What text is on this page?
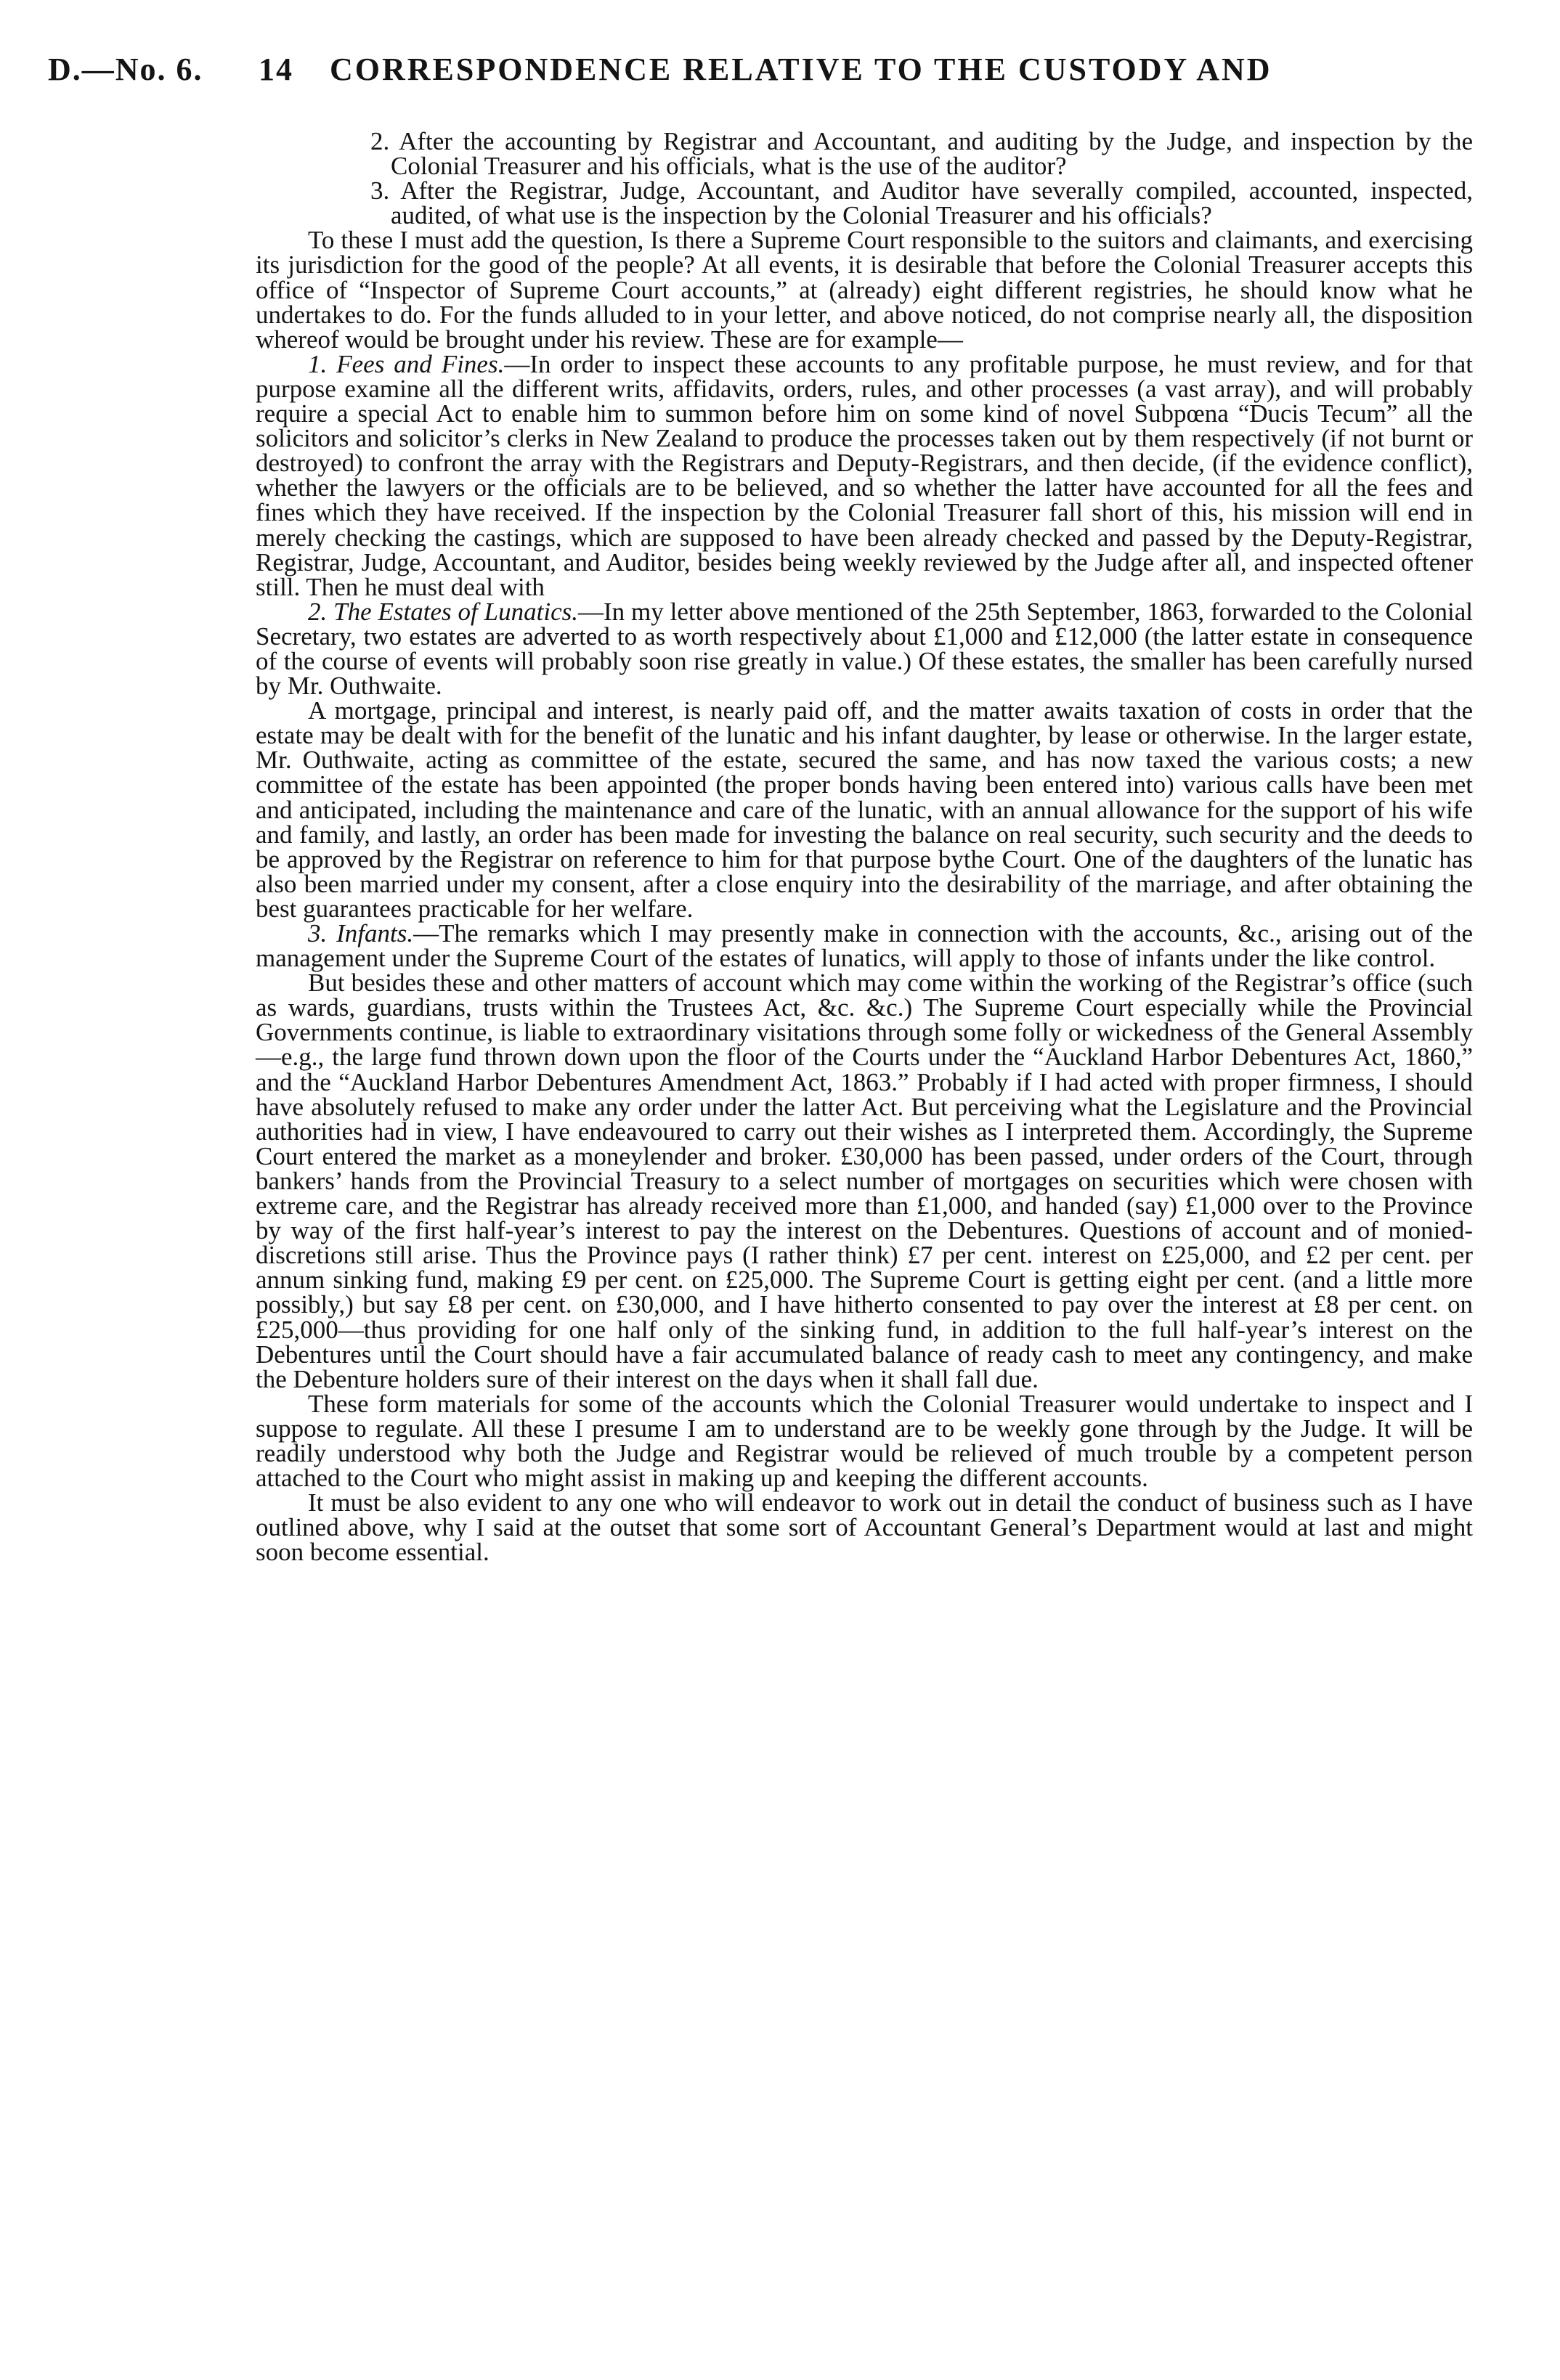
D.—No. 6. 14 CORRESPONDENCE RELATIVE TO THE CUSTODY AND

2. After the accounting by Registrar and Accountant, and auditing by the Judge, and inspection by the Colonial Treasurer and his officials, what is the use of the auditor?

3. After the Registrar, Judge, Accountant, and Auditor have severally compiled, accounted, inspected, audited, of what use is the inspection by the Colonial Treasurer and his officials?

To these I must add the question, Is there a Supreme Court responsible to the suitors and claimants, and exercising its jurisdiction for the good of the people? At all events, it is desirable that before the Colonial Treasurer accepts this office of “Inspector of Supreme Court accounts,” at (already) eight different registries, he should know what he undertakes to do. For the funds alluded to in your letter, and above noticed, do not comprise nearly all, the disposition whereof would be brought under his review. These are for example—

1. Fees and Fines.—In order to inspect these accounts to any profitable purpose, he must review, and for that purpose examine all the different writs, affidavits, orders, rules, and other processes (a vast array), and will probably require a special Act to enable him to summon before him on some kind of novel Subpœna “Ducis Tecum” all the solicitors and solicitor’s clerks in New Zealand to produce the processes taken out by them respectively (if not burnt or destroyed) to confront the array with the Registrars and Deputy-Registrars, and then decide, (if the evidence conflict), whether the lawyers or the officials are to be believed, and so whether the latter have accounted for all the fees and fines which they have received. If the inspection by the Colonial Treasurer fall short of this, his mission will end in merely checking the castings, which are supposed to have been already checked and passed by the Deputy-Registrar, Registrar, Judge, Accountant, and Auditor, besides being weekly reviewed by the Judge after all, and inspected oftener still. Then he must deal with

2. The Estates of Lunatics.—In my letter above mentioned of the 25th September, 1863, forwarded to the Colonial Secretary, two estates are adverted to as worth respectively about £1,000 and £12,000 (the latter estate in consequence of the course of events will probably soon rise greatly in value.) Of these estates, the smaller has been carefully nursed by Mr. Outhwaite.

A mortgage, principal and interest, is nearly paid off, and the matter awaits taxation of costs in order that the estate may be dealt with for the benefit of the lunatic and his infant daughter, by lease or otherwise. In the larger estate, Mr. Outhwaite, acting as committee of the estate, secured the same, and has now taxed the various costs; a new committee of the estate has been appointed (the proper bonds having been entered into) various calls have been met and anticipated, including the maintenance and care of the lunatic, with an annual allowance for the support of his wife and family, and lastly, an order has been made for investing the balance on real security, such security and the deeds to be approved by the Registrar on reference to him for that purpose bythe Court. One of the daughters of the lunatic has also been married under my consent, after a close enquiry into the desirability of the marriage, and after obtaining the best guarantees practicable for her welfare.

3. Infants.—The remarks which I may presently make in connection with the accounts, &c., arising out of the management under the Supreme Court of the estates of lunatics, will apply to those of infants under the like control.

But besides these and other matters of account which may come within the working of the Registrar’s office (such as wards, guardians, trusts within the Trustees Act, &c. &c.) The Supreme Court especially while the Provincial Governments continue, is liable to extraordinary visitations through some folly or wickedness of the General Assembly—e.g., the large fund thrown down upon the floor of the Courts under the “Auckland Harbor Debentures Act, 1860,” and the “Auckland Harbor Debentures Amendment Act, 1863.” Probably if I had acted with proper firmness, I should have absolutely refused to make any order under the latter Act. But perceiving what the Legislature and the Provincial authorities had in view, I have endeavoured to carry out their wishes as I interpreted them. Accordingly, the Supreme Court entered the market as a moneylender and broker. £30,000 has been passed, under orders of the Court, through bankers’ hands from the Provincial Treasury to a select number of mortgages on securities which were chosen with extreme care, and the Registrar has already received more than £1,000, and handed (say) £1,000 over to the Province by way of the first half-year’s interest to pay the interest on the Debentures. Questions of account and of monied-discretions still arise. Thus the Province pays (I rather think) £7 per cent. interest on £25,000, and £2 per cent. per annum sinking fund, making £9 per cent. on £25,000. The Supreme Court is getting eight per cent. (and a little more possibly,) but say £8 per cent. on £30,000, and I have hitherto consented to pay over the interest at £8 per cent. on £25,000—thus providing for one half only of the sinking fund, in addition to the full half-year’s interest on the Debentures until the Court should have a fair accumulated balance of ready cash to meet any contingency, and make the Debenture holders sure of their interest on the days when it shall fall due.

These form materials for some of the accounts which the Colonial Treasurer would undertake to inspect and I suppose to regulate. All these I presume I am to understand are to be weekly gone through by the Judge. It will be readily understood why both the Judge and Registrar would be relieved of much trouble by a competent person attached to the Court who might assist in making up and keeping the different accounts.

It must be also evident to any one who will endeavor to work out in detail the conduct of business such as I have outlined above, why I said at the outset that some sort of Accountant General’s Department would at last and might soon become essential.
